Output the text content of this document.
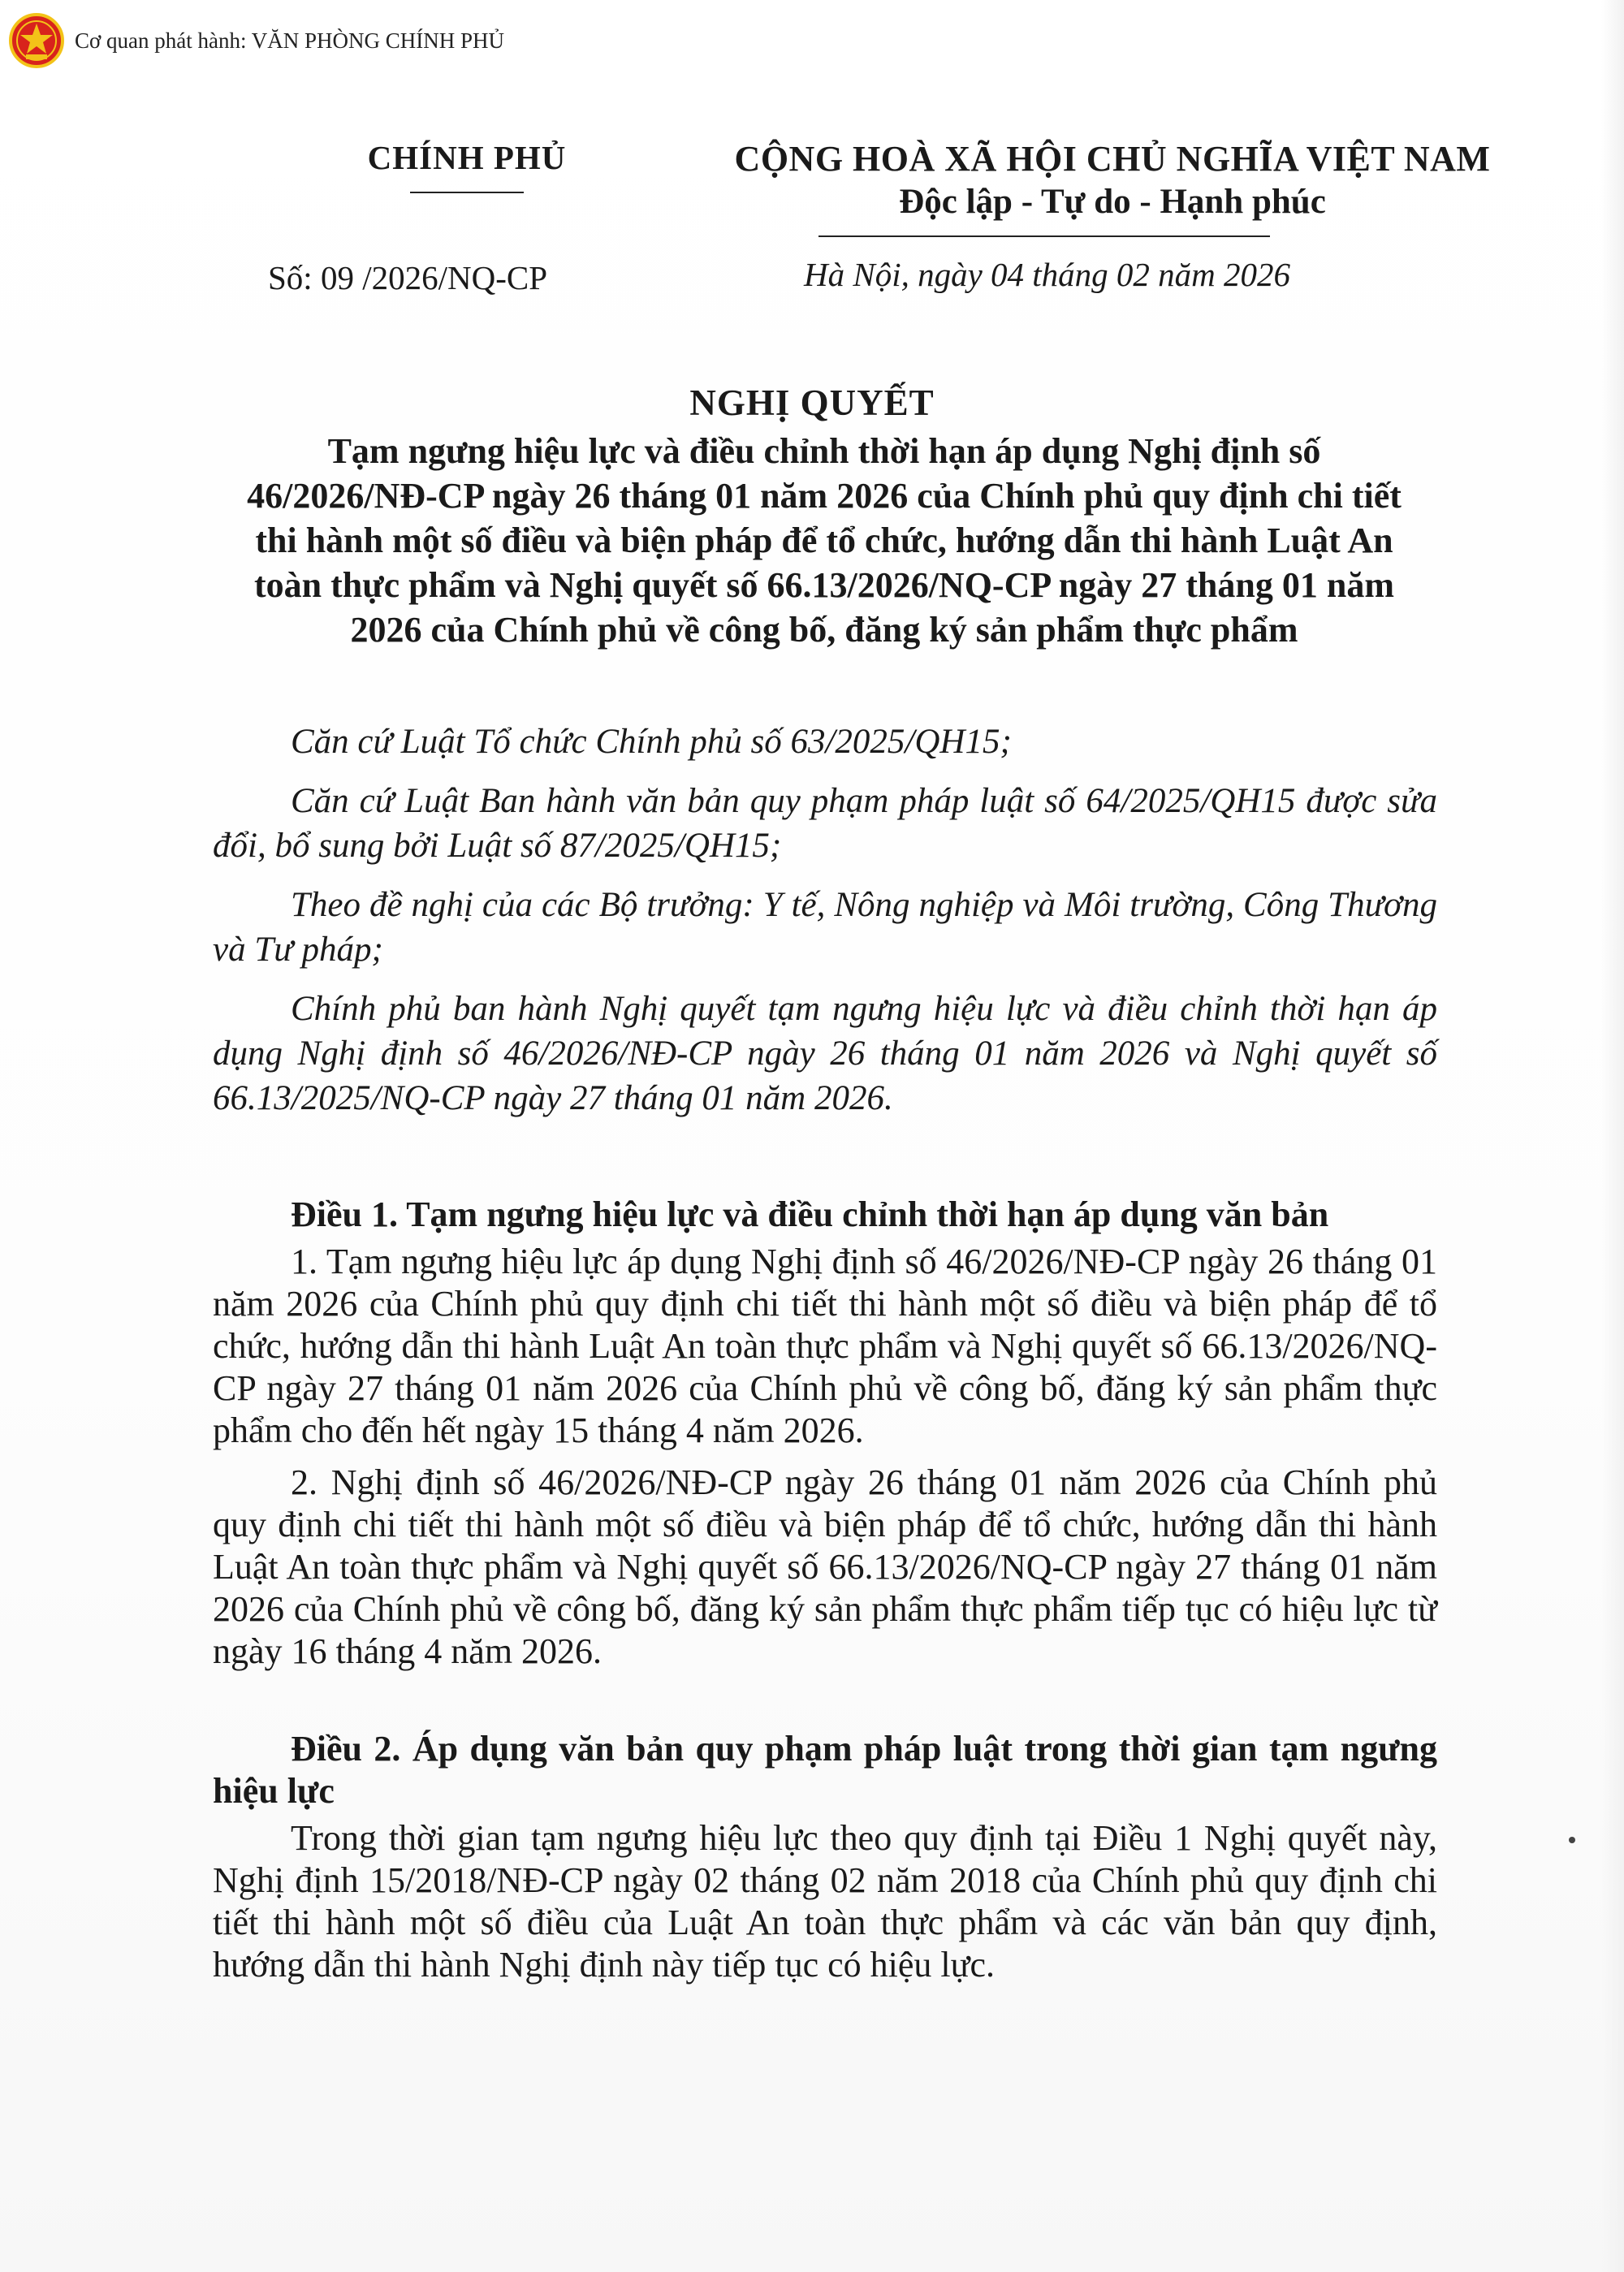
Cơ quan phát hành: VĂN PHÒNG CHÍNH PHỦ
CHÍNH PHỦ	CỘNG HOÀ XÃ HỘI CHỦ NGHĨA VIỆT NAM
Độc lập - Tự do - Hạnh phúc
Số: 09 /2026/NQ-CP	Hà Nội, ngày 04 tháng 02 năm 2026
NGHỊ QUYẾT
Tạm ngưng hiệu lực và điều chỉnh thời hạn áp dụng Nghị định số
46/2026/NĐ-CP ngày 26 tháng 01 năm 2026 của Chính phủ quy định chi tiết
thi hành một số điều và biện pháp để tổ chức, hướng dẫn thi hành Luật An
toàn thực phẩm và Nghị quyết số 66.13/2026/NQ-CP ngày 27 tháng 01 năm
2026 của Chính phủ về công bố, đăng ký sản phẩm thực phẩm

Căn cứ Luật Tổ chức Chính phủ số 63/2025/QH15;

Căn cứ Luật Ban hành văn bản quy phạm pháp luật số 64/2025/QH15 được sửa đổi, bổ sung bởi Luật số 87/2025/QH15;

Theo đề nghị của các Bộ trưởng: Y tế, Nông nghiệp và Môi trường, Công Thương và Tư pháp;

Chính phủ ban hành Nghị quyết tạm ngưng hiệu lực và điều chỉnh thời hạn áp dụng Nghị định số 46/2026/NĐ-CP ngày 26 tháng 01 năm 2026 và Nghị quyết số 66.13/2025/NQ-CP ngày 27 tháng 01 năm 2026.

Điều 1. Tạm ngưng hiệu lực và điều chỉnh thời hạn áp dụng văn bản

1. Tạm ngưng hiệu lực áp dụng Nghị định số 46/2026/NĐ-CP ngày 26 tháng 01 năm 2026 của Chính phủ quy định chi tiết thi hành một số điều và biện pháp để tổ chức, hướng dẫn thi hành Luật An toàn thực phẩm và Nghị quyết số 66.13/2026/NQ-CP ngày 27 tháng 01 năm 2026 của Chính phủ về công bố, đăng ký sản phẩm thực phẩm cho đến hết ngày 15 tháng 4 năm 2026.

2. Nghị định số 46/2026/NĐ-CP ngày 26 tháng 01 năm 2026 của Chính phủ quy định chi tiết thi hành một số điều và biện pháp để tổ chức, hướng dẫn thi hành Luật An toàn thực phẩm và Nghị quyết số 66.13/2026/NQ-CP ngày 27 tháng 01 năm 2026 của Chính phủ về công bố, đăng ký sản phẩm thực phẩm tiếp tục có hiệu lực từ ngày 16 tháng 4 năm 2026.

Điều 2. Áp dụng văn bản quy phạm pháp luật trong thời gian tạm ngưng hiệu lực

Trong thời gian tạm ngưng hiệu lực theo quy định tại Điều 1 Nghị quyết này, Nghị định 15/2018/NĐ-CP ngày 02 tháng 02 năm 2018 của Chính phủ quy định chi tiết thi hành một số điều của Luật An toàn thực phẩm và các văn bản quy định, hướng dẫn thi hành Nghị định này tiếp tục có hiệu lực.
